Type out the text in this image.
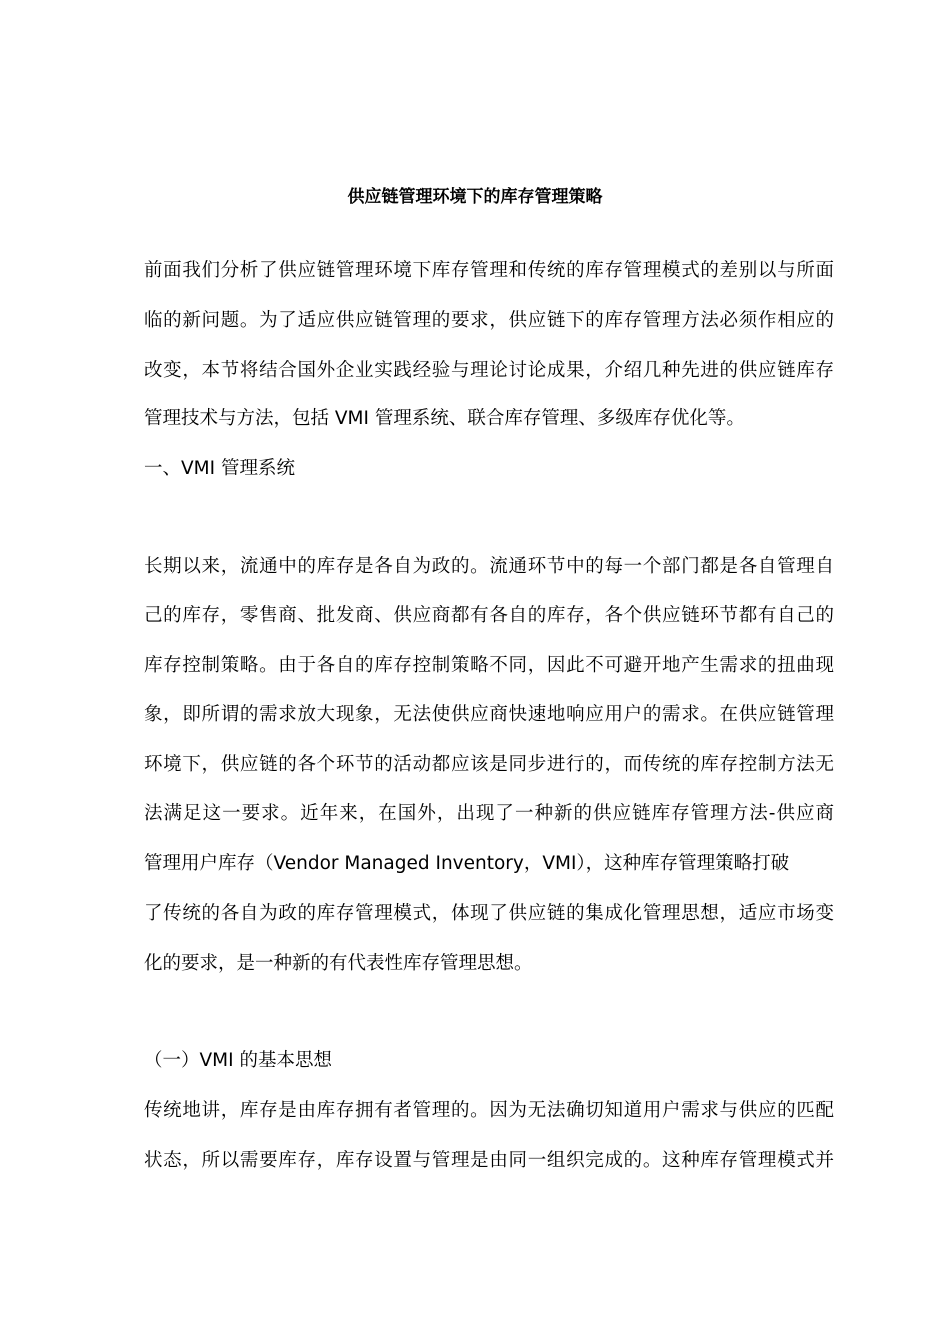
供应链管理环境下的库存管理策略
前面我们分析了供应链管理环境下库存管理和传统的库存管理模式的差别以与所面
临的新问题。为了适应供应链管理的要求，供应链下的库存管理方法必须作相应的
改变，本节将结合国外企业实践经验与理论讨论成果，介绍几种先进的供应链库存
管理技术与方法，包括 VMI 管理系统、联合库存管理、多级库存优化等。
一、VMI 管理系统
长期以来，流通中的库存是各自为政的。流通环节中的每一个部门都是各自管理自
己的库存，零售商、批发商、供应商都有各自的库存，各个供应链环节都有自己的
库存控制策略。由于各自的库存控制策略不同，因此不可避开地产生需求的扭曲现
象，即所谓的需求放大现象，无法使供应商快速地响应用户的需求。在供应链管理
环境下，供应链的各个环节的活动都应该是同步进行的，而传统的库存控制方法无
法满足这一要求。近年来，在国外，出现了一种新的供应链库存管理方法-供应商
管理用户库存（Vendor Managed Inventory，VMI），这种库存管理策略打破
了传统的各自为政的库存管理模式，体现了供应链的集成化管理思想，适应市场变
化的要求，是一种新的有代表性库存管理思想。
（一）VMI 的基本思想
传统地讲，库存是由库存拥有者管理的。因为无法确切知道用户需求与供应的匹配
状态，所以需要库存，库存设置与管理是由同一组织完成的。这种库存管理模式并
